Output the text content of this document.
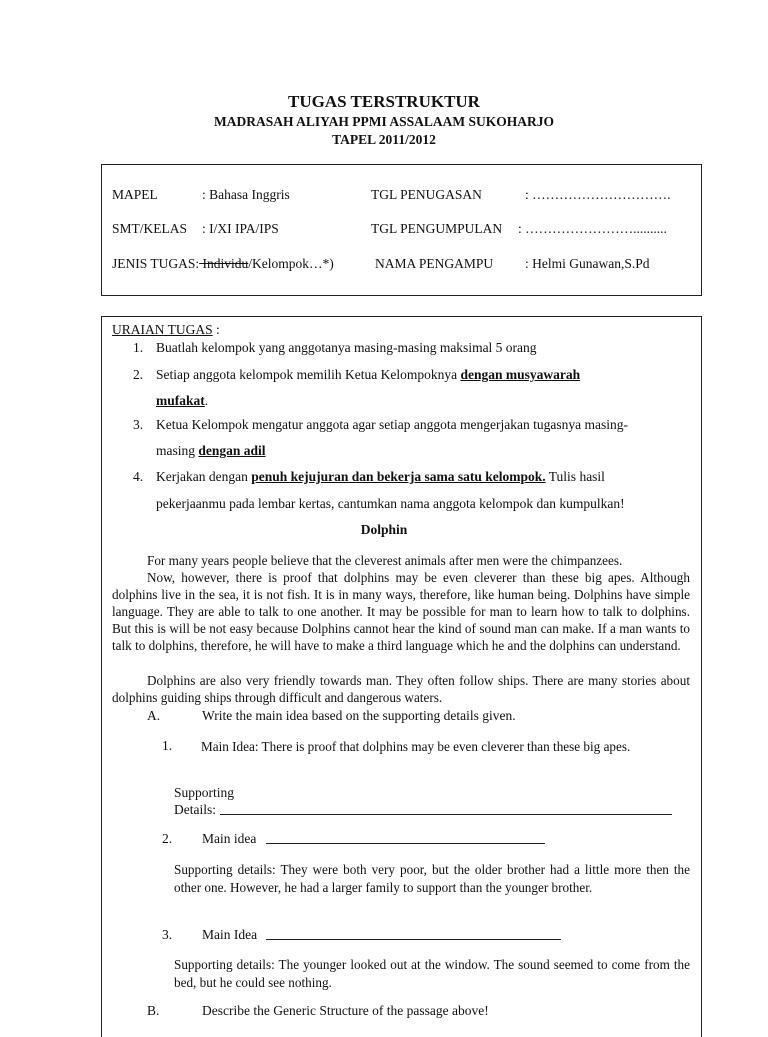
TUGAS TERSTRUKTUR
MADRASAH ALIYAH PPMI ASSALAAM SUKOHARJO
TAPEL 2011/2012
MAPEL	: Bahasa Inggris	TGL PENUGASAN	: ………………………….
SMT/KELAS : I/XI IPA/IPS	TGL PENGUMPULAN : ……………………..........
JENIS TUGAS: Individu/Kelompok…*)	NAMA PENGAMPU : Helmi Gunawan,S.Pd
URAIAN TUGAS :
1. Buatlah kelompok yang anggotanya masing-masing maksimal 5 orang
2. Setiap anggota kelompok memilih Ketua Kelompoknya dengan musyawarah
mufakat.
3. Ketua Kelompok mengatur anggota agar setiap anggota mengerjakan tugasnya masing-
masing dengan adil
4. Kerjakan dengan penuh kejujuran dan bekerja sama satu kelompok. Tulis hasil
pekerjaanmu pada lembar kertas, cantumkan nama anggota kelompok dan kumpulkan!
Dolphin
For many years people believe that the cleverest animals after men were the chimpanzees.
Now, however, there is proof that dolphins may be even cleverer than these big apes. Although dolphins live in the sea, it is not fish. It is in many ways, therefore, like human being. Dolphins have simple language. They are able to talk to one another. It may be possible for man to learn how to talk to dolphins. But this is will be not easy because Dolphins cannot hear the kind of sound man can make. If a man wants to talk to dolphins, therefore, he will have to make a third language which he and the dolphins can understand.
Dolphins are also very friendly towards man. They often follow ships. There are many stories about dolphins guiding ships through difficult and dangerous waters.
A.	Write the main idea based on the supporting details given.
1.	Main Idea: There is proof that dolphins may be even cleverer than these big apes.
Supporting
Details:
2. Main idea
Supporting details: They were both very poor, but the older brother had a little more then the other one. However, he had a larger family to support than the younger brother.
3. Main Idea
Supporting details: The younger looked out at the window. The sound seemed to come from the bed, but he could see nothing.
B.	Describe the Generic Structure of the passage above!
